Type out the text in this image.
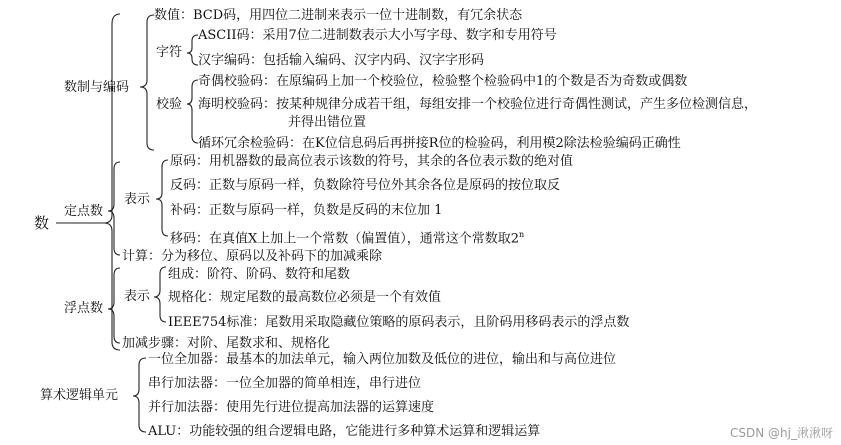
数
数制与编码
数值：BCD码，用四位二进制来表示一位十进制数，有冗余状态
字符
ASCII码：采用7位二进制数表示大小写字母、数字和专用符号
汉字编码：包括输入编码、汉字内码、汉字字形码
校验
奇偶校验码：在原编码上加一个校验位，检验整个检验码中1的个数是否为奇数或偶数
海明校验码：按某种规律分成若干组，每组安排一个校验位进行奇偶性测试，产生多位检测信息，
并得出错位置
循环冗余检验码：在K位信息码后再拼接R位的检验码，利用模2除法检验编码正确性
定点数
表示
原码：用机器数的最高位表示该数的符号，其余的各位表示数的绝对值
反码：正数与原码一样，负数除符号位外其余各位是原码的按位取反
补码：正数与原码一样，负数是反码的末位加 1
移码：在真值X上加上一个常数（偏置值），通常这个常数取2$^n$
计算：分为移位、原码以及补码下的加减乘除
浮点数
表示
组成：阶符、阶码、数符和尾数
规格化：规定尾数的最高数位必须是一个有效值
IEEE754标准：尾数用采取隐藏位策略的原码表示，且阶码用移码表示的浮点数
加减步骤：对阶、尾数求和、规格化
算术逻辑单元
一位全加器：最基本的加法单元，输入两位加数及低位的进位，输出和与高位进位
串行加法器：一位全加器的简单相连，串行进位
并行加法器：使用先行进位提高加法器的运算速度
ALU：功能较强的组合逻辑电路，它能进行多种算术运算和逻辑运算	CSDN @hj_湫湫呀
